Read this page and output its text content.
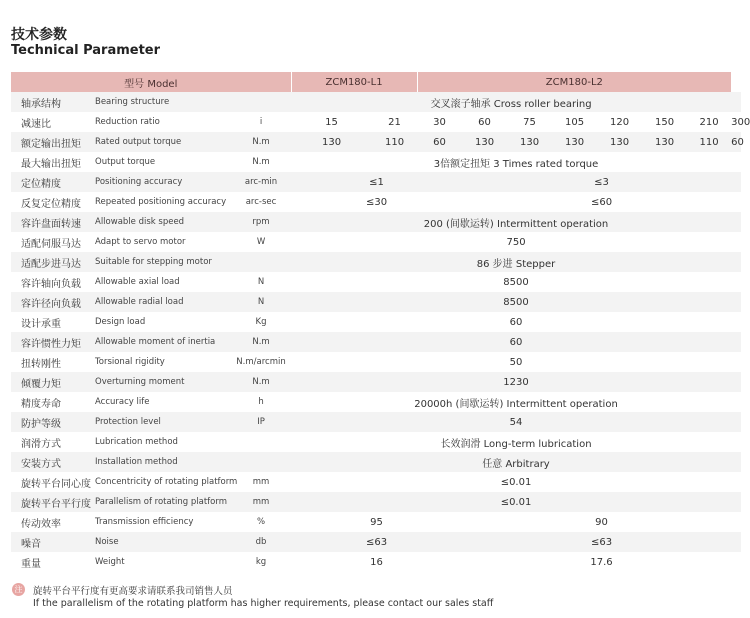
技术参数
Technical Parameter
型号 Model			ZCM180-L1		ZCM180-L2							
轴承结构	Bearing structure		交叉滚子轴承 Cross roller bearing									
减速比	Reduction ratio	i	15	21	30	60	75	105	120	150	210	300
额定输出扭矩	Rated output torque	N.m	130	110	60	130	130	130	130	130	110	60
最大输出扭矩	Output torque	N.m	3倍额定扭矩 3 Times rated torque									
定位精度	Positioning accuracy	arc-min	≤1			≤3						
反复定位精度	Repeated positioning accuracy	arc-sec	≤30			≤60						
容许盘面转速	Allowable disk speed	rpm	200 (间歇运转) Intermittent operation									
适配伺服马达	Adapt to servo motor	W	750									
适配步进马达	Suitable for stepping motor		86 步进 Stepper									
容许轴向负载	Allowable axial load	N	8500									
容许径向负载	Allowable radial load	N	8500									
设计承重	Design load	Kg	60									
容许惯性力矩	Allowable moment of inertia	N.m	60									
扭转刚性	Torsional rigidity	N.m/arcmin	50									
倾覆力矩	Overturning moment	N.m	1230									
精度寿命	Accuracy life	h	20000h (间歇运转) Intermittent operation									
防护等级	Protection level	IP	54									
润滑方式	Lubrication method		长效润滑 Long-term lubrication									
安装方式	Installation method		任意 Arbitrary									
旋转平台同心度	Concentricity of rotating platform	mm	≤0.01									
旋转平台平行度	Parallelism of rotating platform	mm	≤0.01									
传动效率	Transmission efficiency	%	95			90						
噪音	Noise	db	≤63			≤63						
重量	Weight	kg	16			17.6						
注 旋转平台平行度有更高要求请联系我司销售人员
If the parallelism of the rotating platform has higher requirements, please contact our sales staff
